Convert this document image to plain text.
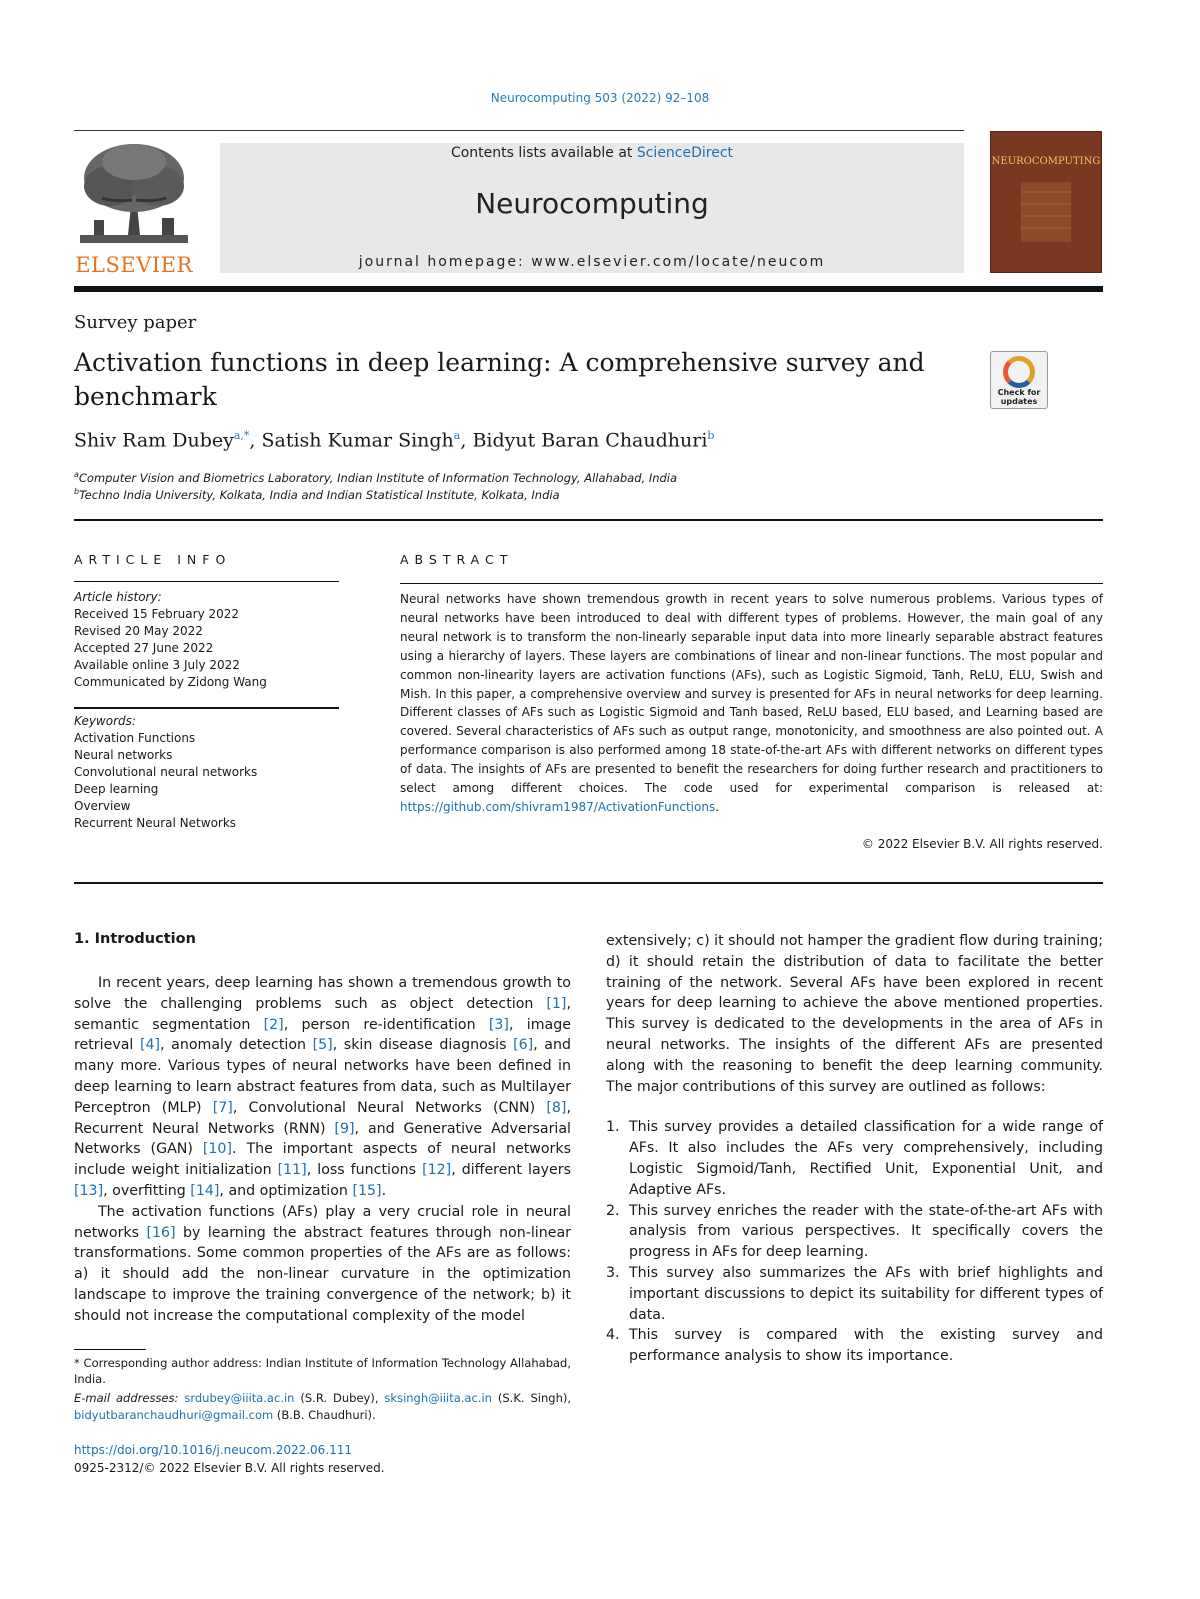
Neurocomputing 503 (2022) 92–108
ELSEVIER
Contents lists available at ScienceDirect
Neurocomputing
journal homepage: www.elsevier.com/locate/neucom
NEUROCOMPUTING
Survey paper
Activation functions in deep learning: A comprehensive survey and benchmark	Check for updates
Shiv Ram Dubey$^{a,*}$, Satish Kumar Singh$^a$, Bidyut Baran Chaudhuri$^b$
$^a$Computer Vision and Biometrics Laboratory, Indian Institute of Information Technology, Allahabad, India
$^b$Techno India University, Kolkata, India and Indian Statistical Institute, Kolkata, India
ARTICLE INFO
Article history:
Received 15 February 2022
Revised 20 May 2022
Accepted 27 June 2022
Available online 3 July 2022
Communicated by Zidong Wang
Keywords:
Activation Functions
Neural networks
Convolutional neural networks
Deep learning
Overview
Recurrent Neural Networks
ABSTRACT
Neural networks have shown tremendous growth in recent years to solve numerous problems. Various types of neural networks have been introduced to deal with different types of problems. However, the main goal of any neural network is to transform the non-linearly separable input data into more linearly separable abstract features using a hierarchy of layers. These layers are combinations of linear and non-linear functions. The most popular and common non-linearity layers are activation functions (AFs), such as Logistic Sigmoid, Tanh, ReLU, ELU, Swish and Mish. In this paper, a comprehensive overview and survey is presented for AFs in neural networks for deep learning. Different classes of AFs such as Logistic Sigmoid and Tanh based, ReLU based, ELU based, and Learning based are covered. Several characteristics of AFs such as output range, monotonicity, and smoothness are also pointed out. A performance comparison is also performed among 18 state-of-the-art AFs with different networks on different types of data. The insights of AFs are presented to benefit the researchers for doing further research and practitioners to select among different choices. The code used for experimental comparison is released at: https://github.com/shivram1987/ActivationFunctions.
© 2022 Elsevier B.V. All rights reserved.
1. Introduction

In recent years, deep learning has shown a tremendous growth to solve the challenging problems such as object detection [1], semantic segmentation [2], person re-identification [3], image retrieval [4], anomaly detection [5], skin disease diagnosis [6], and many more. Various types of neural networks have been defined in deep learning to learn abstract features from data, such as Multilayer Perceptron (MLP) [7], Convolutional Neural Networks (CNN) [8], Recurrent Neural Networks (RNN) [9], and Generative Adversarial Networks (GAN) [10]. The important aspects of neural networks include weight initialization [11], loss functions [12], different layers [13], overfitting [14], and optimization [15].

The activation functions (AFs) play a very crucial role in neural networks [16] by learning the abstract features through non-linear transformations. Some common properties of the AFs are as follows: a) it should add the non-linear curvature in the optimization landscape to improve the training convergence of the network; b) it should not increase the computational complexity of the model

extensively; c) it should not hamper the gradient flow during training; d) it should retain the distribution of data to facilitate the better training of the network. Several AFs have been explored in recent years for deep learning to achieve the above mentioned properties. This survey is dedicated to the developments in the area of AFs in neural networks. The insights of the different AFs are presented along with the reasoning to benefit the deep learning community. The major contributions of this survey are outlined as follows:

1. This survey provides a detailed classification for a wide range of AFs. It also includes the AFs very comprehensively, including Logistic Sigmoid/Tanh, Rectified Unit, Exponential Unit, and Adaptive AFs.
2. This survey enriches the reader with the state-of-the-art AFs with analysis from various perspectives. It specifically covers the progress in AFs for deep learning.
3. This survey also summarizes the AFs with brief highlights and important discussions to depict its suitability for different types of data.
4. This survey is compared with the existing survey and performance analysis to show its importance.
* Corresponding author address: Indian Institute of Information Technology Allahabad, India.
E-mail addresses: srdubey@iiita.ac.in (S.R. Dubey), sksingh@iiita.ac.in (S.K. Singh), bidyutbaranchaudhuri@gmail.com (B.B. Chaudhuri).
https://doi.org/10.1016/j.neucom.2022.06.111
0925-2312/© 2022 Elsevier B.V. All rights reserved.
